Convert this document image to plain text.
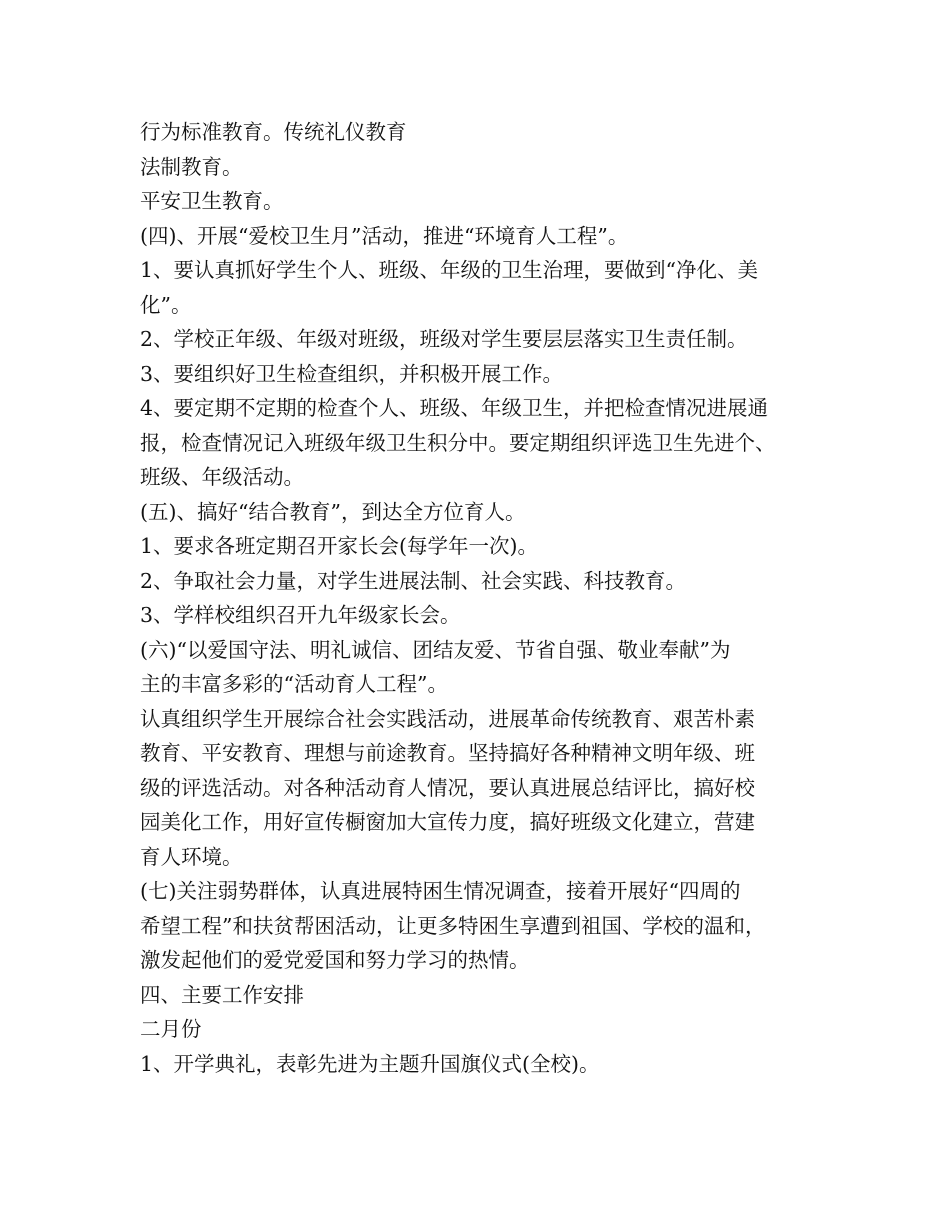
行为标准教育。传统礼仪教育

法制教育。

平安卫生教育。

(四)、开展“爱校卫生月”活动，推进“环境育人工程”。

1、要认真抓好学生个人、班级、年级的卫生治理，要做到“净化、美

化”。

2、学校正年级、年级对班级，班级对学生要层层落实卫生责任制。

3、要组织好卫生检查组织，并积极开展工作。

4、要定期不定期的检查个人、班级、年级卫生，并把检查情况进展通

报，检查情况记入班级年级卫生积分中。要定期组织评选卫生先进个、

班级、年级活动。

(五)、搞好“结合教育”，到达全方位育人。

1、要求各班定期召开家长会(每学年一次)。

2、争取社会力量，对学生进展法制、社会实践、科技教育。

3、学样校组织召开九年级家长会。

(六)“以爱国守法、明礼诚信、团结友爱、节省自强、敬业奉献”为

主的丰富多彩的“活动育人工程”。

认真组织学生开展综合社会实践活动，进展革命传统教育、艰苦朴素

教育、平安教育、理想与前途教育。坚持搞好各种精神文明年级、班

级的评选活动。对各种活动育人情况，要认真进展总结评比，搞好校

园美化工作，用好宣传橱窗加大宣传力度，搞好班级文化建立，营建

育人环境。

(七)关注弱势群体，认真进展特困生情况调查，接着开展好“四周的

希望工程”和扶贫帮困活动，让更多特困生享遭到祖国、学校的温和，

激发起他们的爱党爱国和努力学习的热情。

四、主要工作安排

二月份

1、开学典礼，表彰先进为主题升国旗仪式(全校)。
